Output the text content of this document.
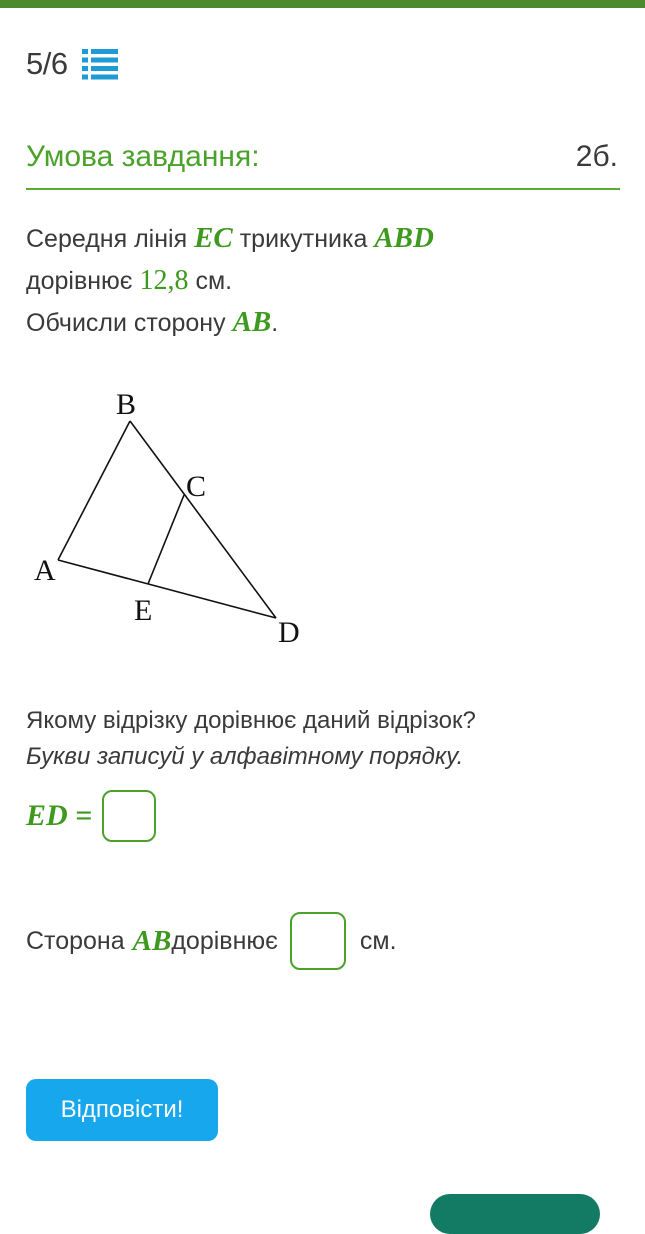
5/6
Умова завдання:	2б.
Середня лінія EC трикутника ABD
дорівнює 12,8 см.
Обчисли сторону AB.
B
C
A
E
D
Якому відрізку дорівнює даний відрізок?
Букви записуй у алфавітному порядку.
ED =
Сторона AB дорівнює	см.
Відповісти!
